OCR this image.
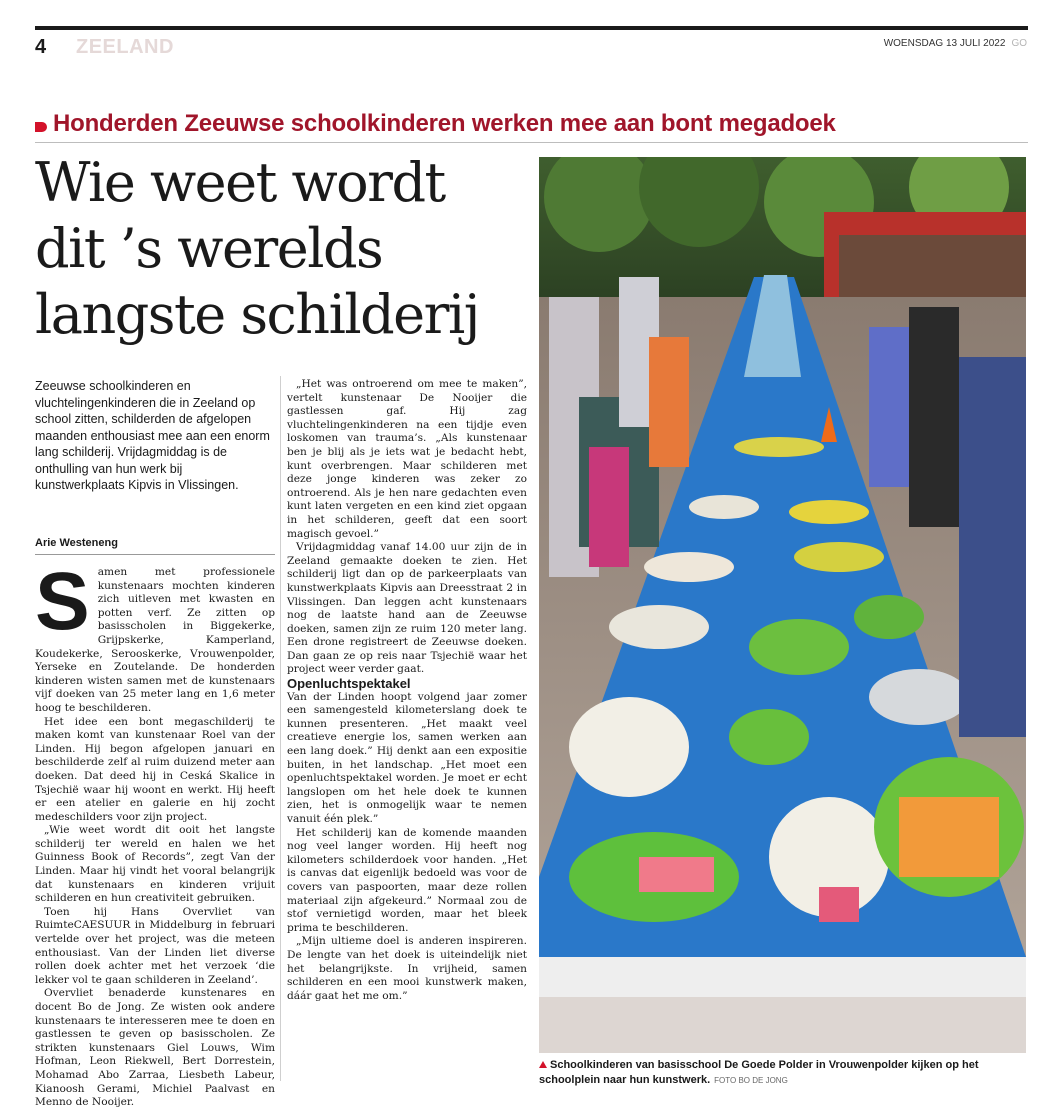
4 ZEELAND	WOENSDAG 13 JULI 2022 GO
Honderden Zeeuwse schoolkinderen werken mee aan bont megadoek
Wie weet wordt
dit ’s werelds
langste schilderij
Zeeuwse schoolkinderen en vluchtelingenkinderen die in Zeeland op school zitten, schilderden de afgelopen maanden enthousiast mee aan een enorm lang schilderij. Vrijdagmiddag is de onthulling van hun werk bij kunstwerkplaats Kipvis in Vlissingen.
Arie Westeneng
S amen met professionele kunstenaars mochten kinderen zich uitleven met kwasten en potten verf. Ze zitten op basisscholen in Biggekerke, Grijpskerke, Kamperland, Koudekerke, Serooskerke, Vrouwenpolder, Yerseke en Zoutelande. De honderden kinderen wisten samen met de kunstenaars vijf doeken van 25 meter lang en 1,6 meter hoog te beschilderen.

Het idee een bont megaschilderij te maken komt van kunstenaar Roel van der Linden. Hij begon afgelopen januari en beschilderde zelf al ruim duizend meter aan doeken. Dat deed hij in Ceská Skalice in Tsjechië waar hij woont en werkt. Hij heeft er een atelier en galerie en hij zocht medeschilders voor zijn project.

„Wie weet wordt dit ooit het langste schilderij ter wereld en halen we het Guinness Book of Records”, zegt Van der Linden. Maar hij vindt het vooral belangrijk dat kunstenaars en kinderen vrijuit schilderen en hun creativiteit gebruiken.

Toen hij Hans Overvliet van RuimteCAESUUR in Middelburg in februari vertelde over het project, was die meteen enthousiast. Van der Linden liet diverse rollen doek achter met het verzoek ‘die lekker vol te gaan schilderen in Zeeland’.

Overvliet benaderde kunstenares en docent Bo de Jong. Ze wisten ook andere kunstenaars te interesseren mee te doen en gastlessen te geven op basisscholen. Ze strikten kunstenaars Giel Louws, Wim Hofman, Leon Riekwell, Bert Dorrestein, Mohamad Abo Zarraa, Liesbeth Labeur, Kianoosh Gerami, Michiel Paalvast en Menno de Nooijer.

„Het was ontroerend om mee te maken”, vertelt kunstenaar De Nooijer die gastlessen gaf. Hij zag vluchtelingenkinderen na een tijdje even loskomen van trauma’s. „Als kunstenaar ben je blij als je iets wat je bedacht hebt, kunt overbrengen. Maar schilderen met deze jonge kinderen was zeker zo ontroerend. Als je hen nare gedachten even kunt laten vergeten en een kind ziet opgaan in het schilderen, geeft dat een soort magisch gevoel.”

Vrijdagmiddag vanaf 14.00 uur zijn de in Zeeland gemaakte doeken te zien. Het schilderij ligt dan op de parkeerplaats van kunstwerkplaats Kipvis aan Dreesstraat 2 in Vlissingen. Dan leggen acht kunstenaars nog de laatste hand aan de Zeeuwse doeken, samen zijn ze ruim 120 meter lang. Een drone registreert de Zeeuwse doeken. Dan gaan ze op reis naar Tsjechië waar het project weer verder gaat.

Openluchtspektakel

Van der Linden hoopt volgend jaar zomer een samengesteld kilometerslang doek te kunnen presenteren. „Het maakt veel creatieve energie los, samen werken aan een lang doek.” Hij denkt aan een expositie buiten, in het landschap. „Het moet een openluchtspektakel worden. Je moet er echt langslopen om het hele doek te kunnen zien, het is onmogelijk waar te nemen vanuit één plek.”

Het schilderij kan de komende maanden nog veel langer worden. Hij heeft nog kilometers schilderdoek voor handen. „Het is canvas dat eigenlijk bedoeld was voor de covers van paspoorten, maar deze rollen materiaal zijn afgekeurd.” Normaal zou de stof vernietigd worden, maar het bleek prima te beschilderen.

„Mijn ultieme doel is anderen inspireren. De lengte van het doek is uiteindelijk niet het belangrijkste. In vrijheid, samen schilderen en een mooi kunstwerk maken, dáár gaat het me om.”

Schoolkinderen van basisschool De Goede Polder in Vrouwenpolder kijken op het schoolplein naar hun kunstwerk. FOTO BO DE JONG
